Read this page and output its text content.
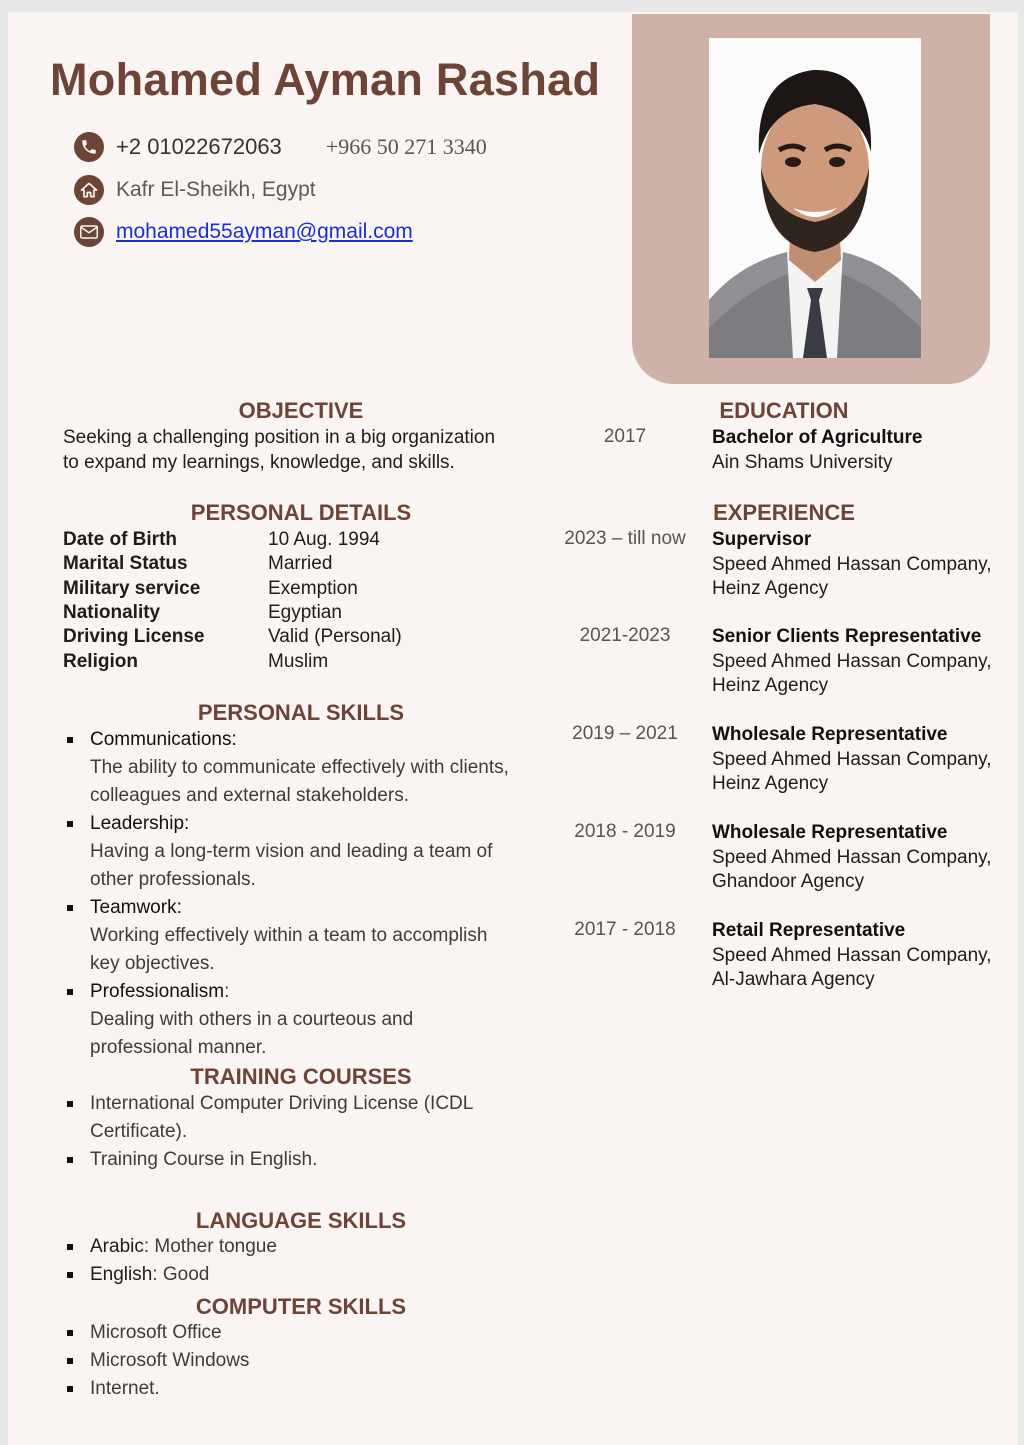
Mohamed Ayman Rashad
+2 01022672063 +966 50 271 3340
Kafr El-Sheikh, Egypt
mohamed55ayman@gmail.com
OBJECTIVE
Seeking a challenging position in a big organization
to expand my learnings, knowledge, and skills.
PERSONAL DETAILS
Date of Birth	10 Aug. 1994
Marital Status	Married
Military service	Exemption
Nationality	Egyptian
Driving License	Valid (Personal)
Religion	Muslim
PERSONAL SKILLS
Communications:
The ability to communicate effectively with clients,
colleagues and external stakeholders.
Leadership:
Having a long-term vision and leading a team of
other professionals.
Teamwork:
Working effectively within a team to accomplish
key objectives.
Professionalism:
Dealing with others in a courteous and
professional manner.
TRAINING COURSES
International Computer Driving License (ICDL
Certificate).
Training Course in English.
LANGUAGE SKILLS
Arabic: Mother tongue
English: Good
COMPUTER SKILLS
Microsoft Office
Microsoft Windows
Internet.
EDUCATION
2017	Bachelor of Agriculture
Ain Shams University
EXPERIENCE
2023 – till now	Supervisor
Speed Ahmed Hassan Company,
Heinz Agency
2021-2023	Senior Clients Representative
Speed Ahmed Hassan Company,
Heinz Agency
2019 – 2021	Wholesale Representative
Speed Ahmed Hassan Company,
Heinz Agency
2018 - 2019	Wholesale Representative
Speed Ahmed Hassan Company,
Ghandoor Agency
2017 - 2018	Retail Representative
Speed Ahmed Hassan Company,
Al-Jawhara Agency
